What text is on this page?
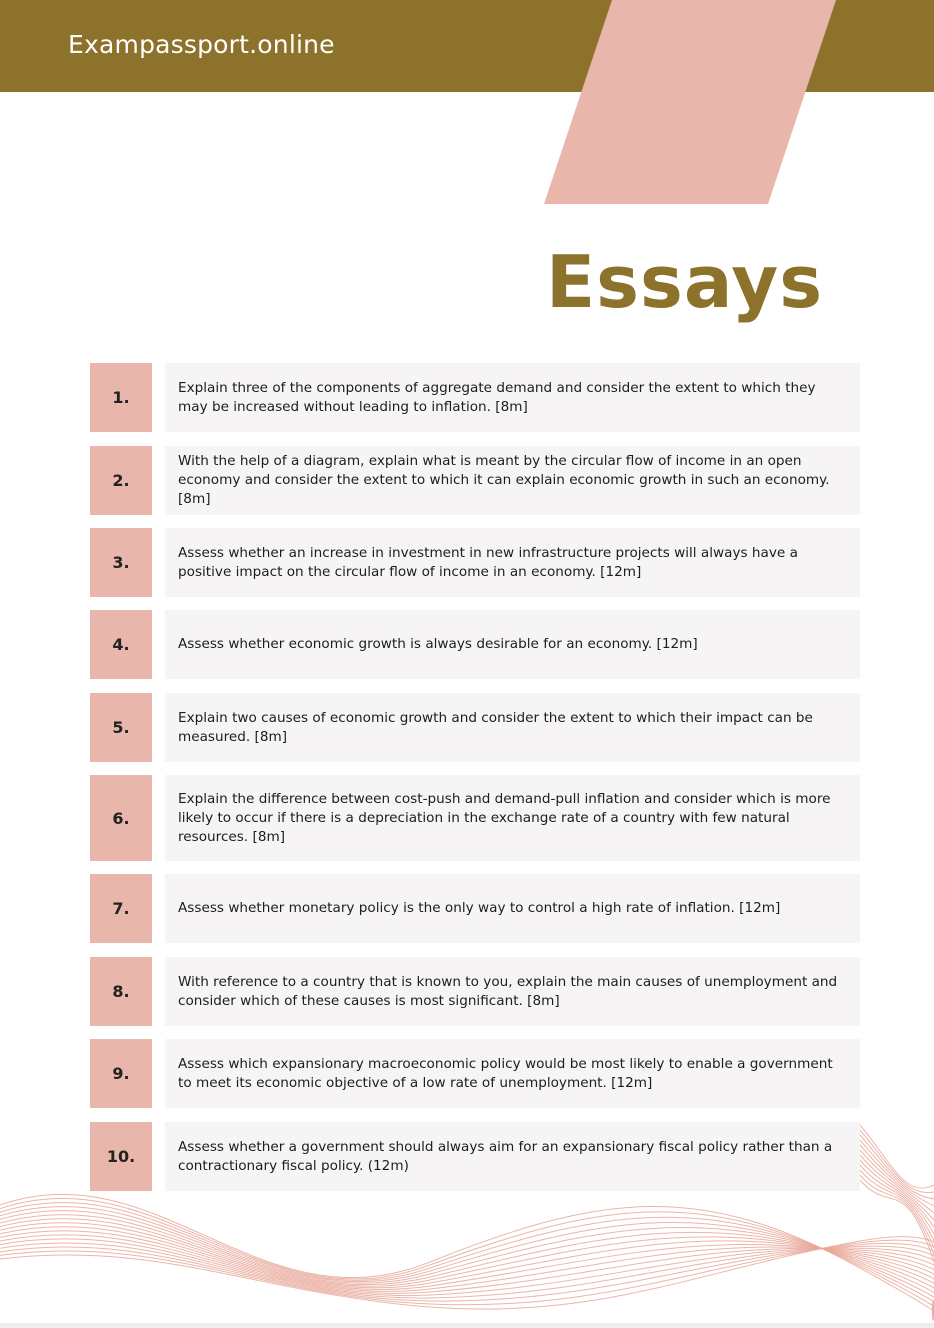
Exampassport.online
Essays
1.
Explain three of the components of aggregate demand and consider the extent to which they may be increased without leading to inflation. [8m]
2.
With the help of a diagram, explain what is meant by the circular flow of income in an open economy and consider the extent to which it can explain economic growth in such an economy. [8m]
3.
Assess whether an increase in investment in new infrastructure projects will always have a positive impact on the circular flow of income in an economy. [12m]
4.	Assess whether economic growth is always desirable for an economy. [12m]
5.
Explain two causes of economic growth and consider the extent to which their impact can be measured. [8m]
6.
Explain the difference between cost-push and demand-pull inflation and consider which is more likely to occur if there is a depreciation in the exchange rate of a country with few natural resources. [8m]
7.	Assess whether monetary policy is the only way to control a high rate of inflation. [12m]
8.
With reference to a country that is known to you, explain the main causes of unemployment and consider which of these causes is most significant. [8m]
9.
Assess which expansionary macroeconomic policy would be most likely to enable a government to meet its economic objective of a low rate of unemployment. [12m]
10.
Assess whether a government should always aim for an expansionary fiscal policy rather than a contractionary fiscal policy. (12m)
